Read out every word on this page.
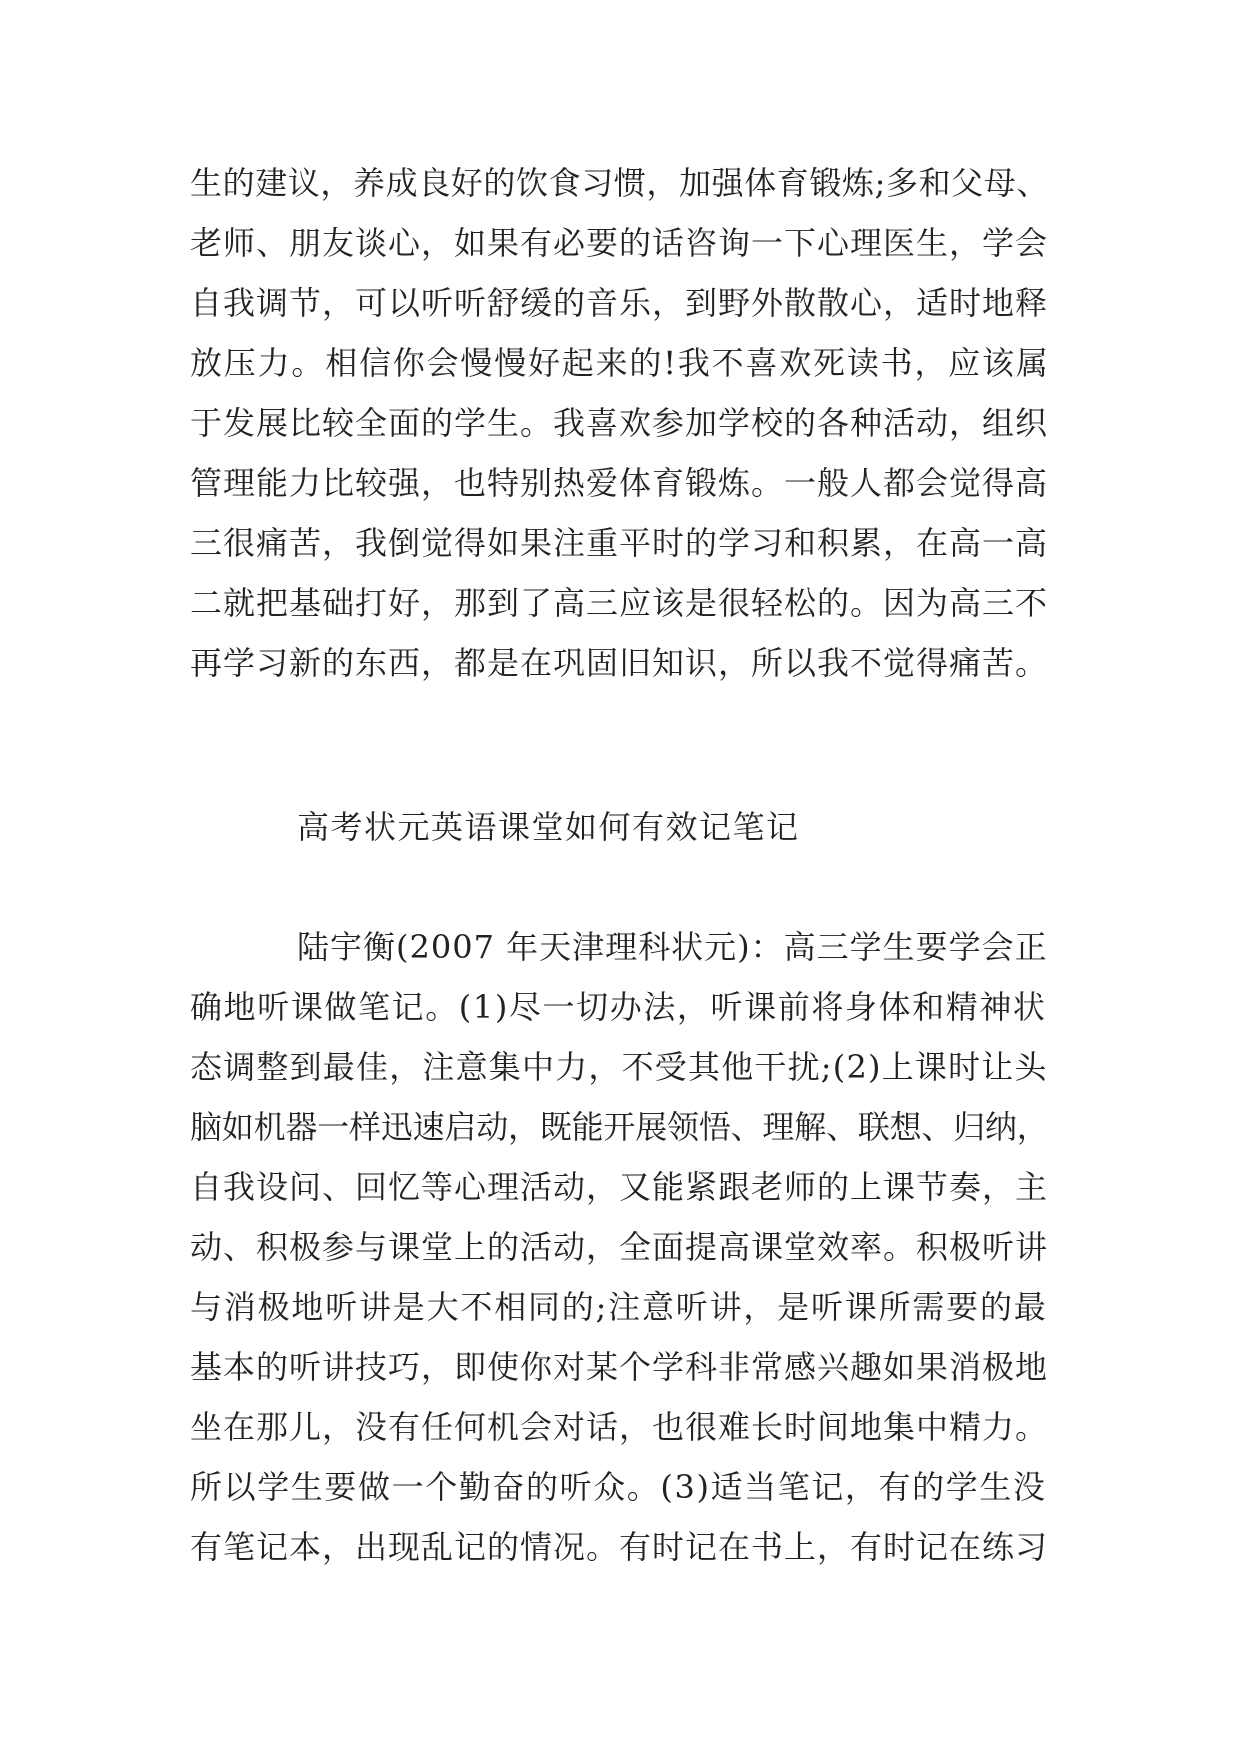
生的建议，养成良好的饮食习惯，加强体育锻炼;多和父母、
老师、朋友谈心，如果有必要的话咨询一下心理医生，学会
自我调节，可以听听舒缓的音乐，到野外散散心，适时地释
放压力。相信你会慢慢好起来的!我不喜欢死读书，应该属
于发展比较全面的学生。我喜欢参加学校的各种活动，组织
管理能力比较强，也特别热爱体育锻炼。一般人都会觉得高
三很痛苦，我倒觉得如果注重平时的学习和积累，在高一高
二就把基础打好，那到了高三应该是很轻松的。因为高三不
再学习新的东西，都是在巩固旧知识，所以我不觉得痛苦。
高考状元英语课堂如何有效记笔记
陆宇衡(2007 年天津理科状元)：高三学生要学会正
确地听课做笔记。(1)尽一切办法，听课前将身体和精神状
态调整到最佳，注意集中力，不受其他干扰;(2)上课时让头
脑如机器一样迅速启动，既能开展领悟、理解、联想、归纳，
自我设问、回忆等心理活动，又能紧跟老师的上课节奏，主
动、积极参与课堂上的活动，全面提高课堂效率。积极听讲
与消极地听讲是大不相同的;注意听讲，是听课所需要的最
基本的听讲技巧，即使你对某个学科非常感兴趣如果消极地
坐在那儿，没有任何机会对话，也很难长时间地集中精力。
所以学生要做一个勤奋的听众。(3)适当笔记，有的学生没
有笔记本，出现乱记的情况。有时记在书上，有时记在练习
